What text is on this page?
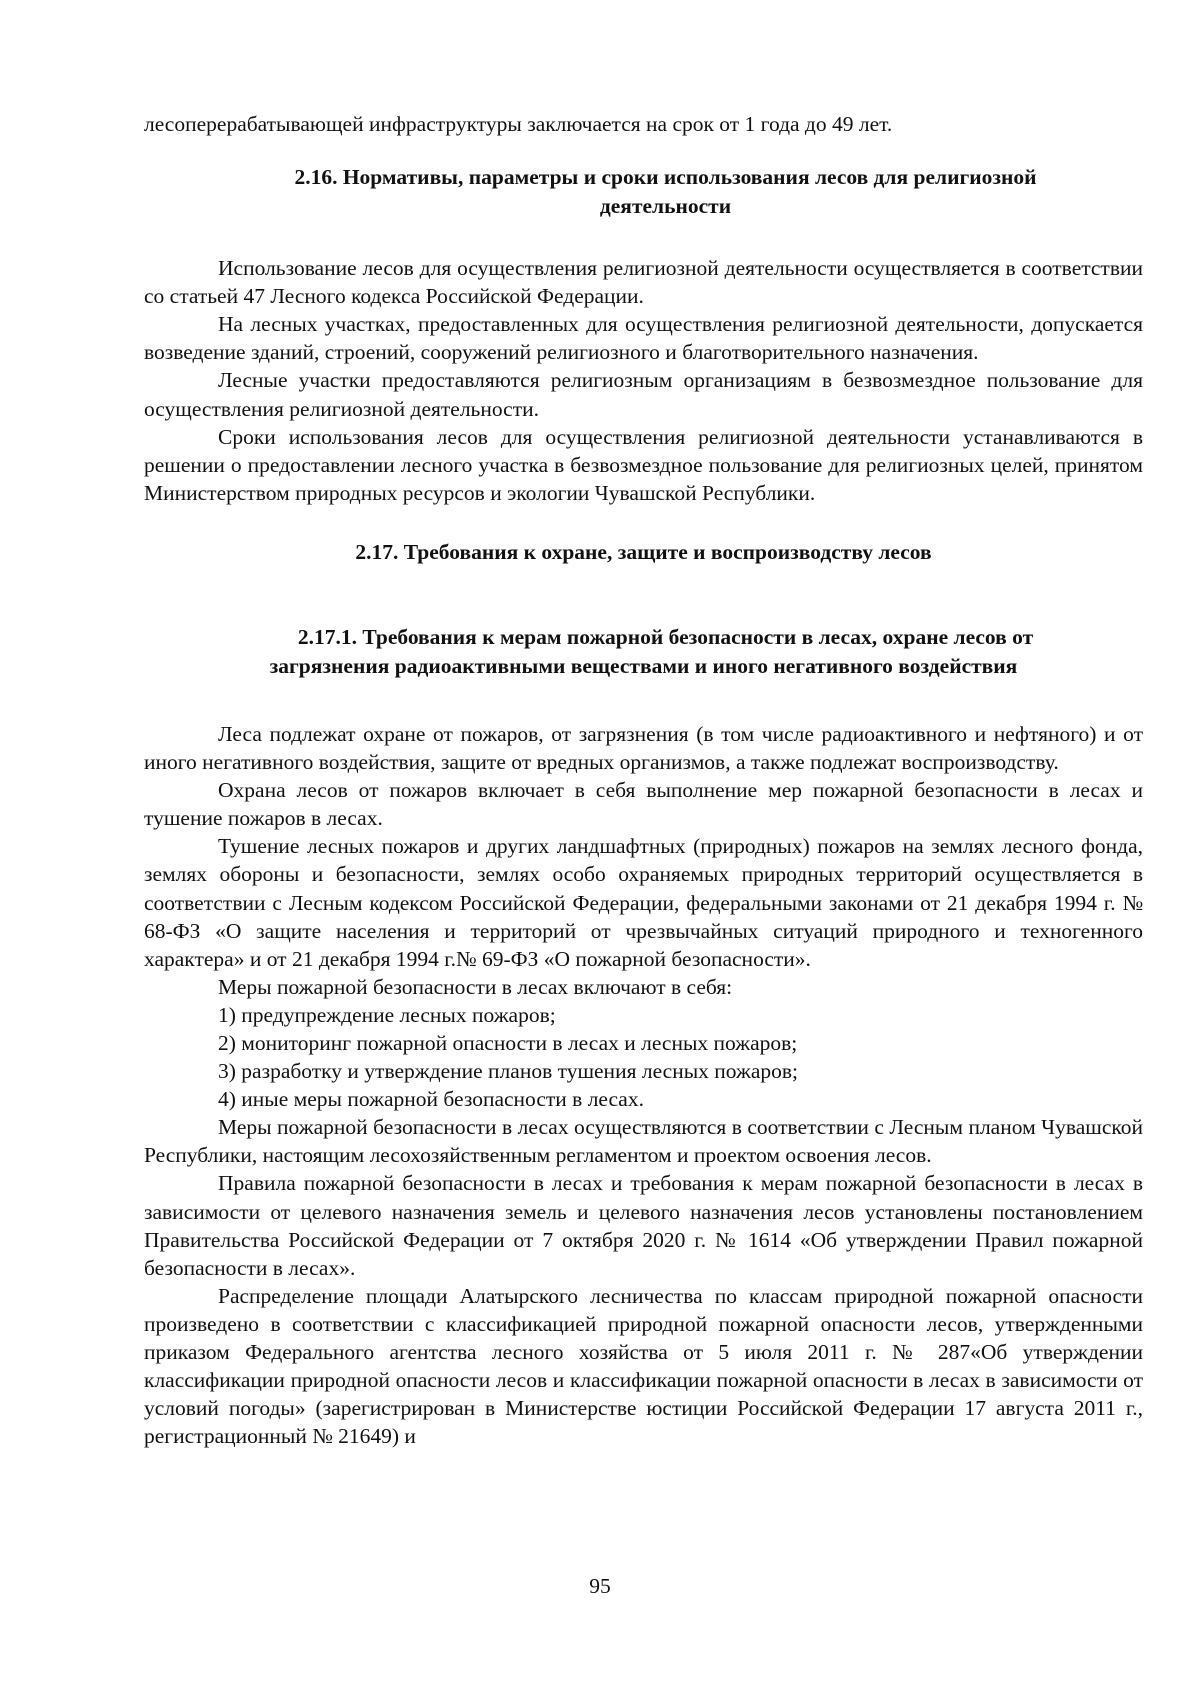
лесоперерабатывающей инфраструктуры заключается на срок от 1 года до 49 лет.

2.16. Нормативы, параметры и сроки использования лесов для религиозной
деятельности

Использование лесов для осуществления религиозной деятельности осуществляется в соответствии со статьей 47 Лесного кодекса Российской Федерации.

На лесных участках, предоставленных для осуществления религиозной деятельности, допускается возведение зданий, строений, сооружений религиозного и благотворительного назначения.

Лесные участки предоставляются религиозным организациям в безвозмездное пользование для осуществления религиозной деятельности.

Сроки использования лесов для осуществления религиозной деятельности устанавливаются в решении о предоставлении лесного участка в безвозмездное пользование для религиозных целей, принятом Министерством природных ресурсов и экологии Чувашской Республики.

2.17. Требования к охране, защите и воспроизводству лесов
2.17.1. Требования к мерам пожарной безопасности в лесах, охране лесов от
загрязнения радиоактивными веществами и иного негативного воздействия

Леса подлежат охране от пожаров, от загрязнения (в том числе радиоактивного и нефтяного) и от иного негативного воздействия, защите от вредных организмов, а также подлежат воспроизводству.

Охрана лесов от пожаров включает в себя выполнение мер пожарной безопасности в лесах и тушение пожаров в лесах.

Тушение лесных пожаров и других ландшафтных (природных) пожаров на землях лесного фонда, землях обороны и безопасности, землях особо охраняемых природных территорий осуществляется в соответствии с Лесным кодексом Российской Федерации, федеральными законами от 21 декабря 1994 г. № 68-ФЗ «О защите населения и территорий от чрезвычайных ситуаций природного и техногенного характера» и от 21 декабря 1994 г.№ 69-ФЗ «О пожарной безопасности».

Меры пожарной безопасности в лесах включают в себя:

1) предупреждение лесных пожаров;

2) мониторинг пожарной опасности в лесах и лесных пожаров;

3) разработку и утверждение планов тушения лесных пожаров;

4) иные меры пожарной безопасности в лесах.

Меры пожарной безопасности в лесах осуществляются в соответствии с Лесным планом Чувашской Республики, настоящим лесохозяйственным регламентом и проектом освоения лесов.

Правила пожарной безопасности в лесах и требования к мерам пожарной безопасности в лесах в зависимости от целевого назначения земель и целевого назначения лесов установлены постановлением Правительства Российской Федерации от 7 октября 2020 г. № 1614 «Об утверждении Правил пожарной безопасности в лесах».

Распределение площади Алатырского лесничества по классам природной пожарной опасности произведено в соответствии с классификацией природной пожарной опасности лесов, утвержденными приказом Федерального агентства лесного хозяйства от 5 июля 2011 г. № 287«Об утверждении классификации природной опасности лесов и классификации пожарной опасности в лесах в зависимости от условий погоды» (зарегистрирован в Министерстве юстиции Российской Федерации 17 августа 2011 г., регистрационный № 21649) и

95
